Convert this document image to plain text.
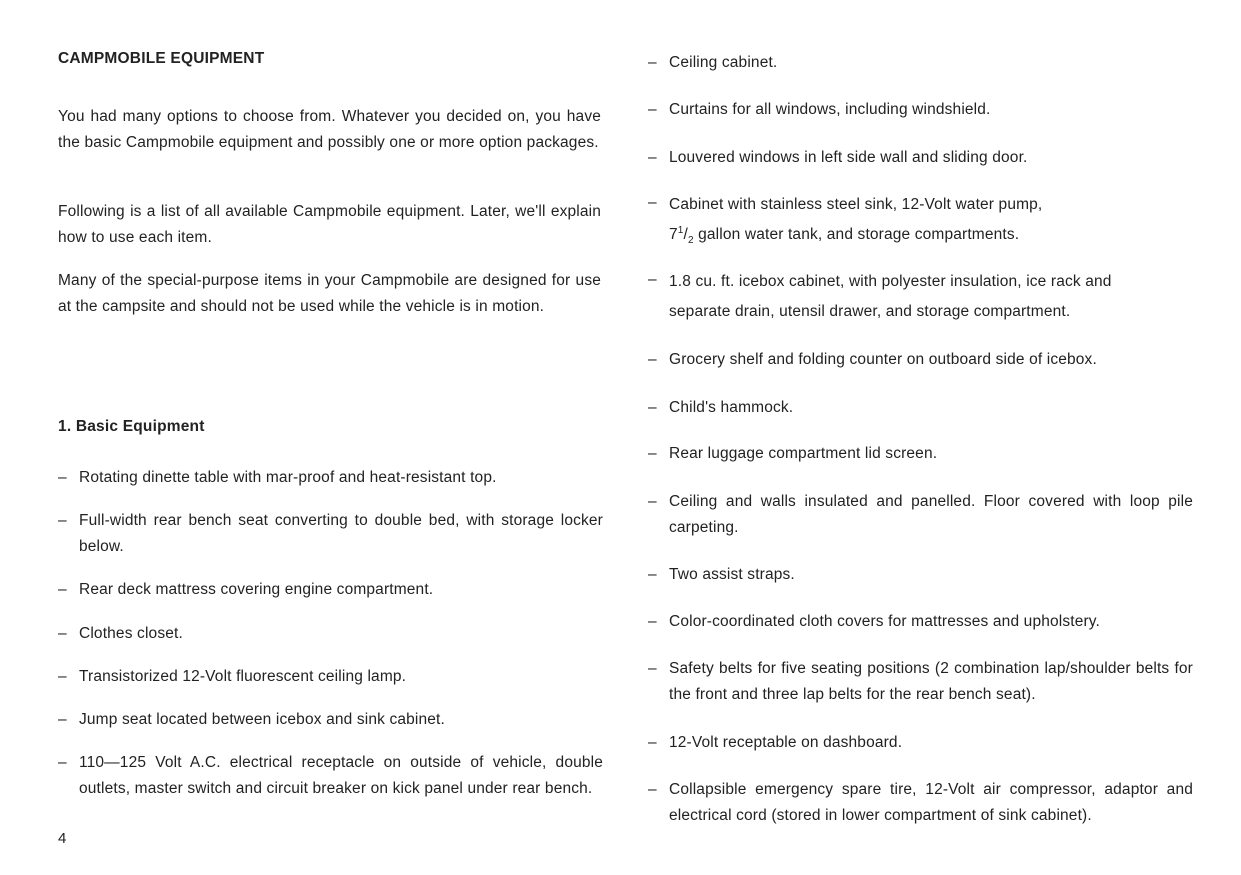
CAMPMOBILE EQUIPMENT

You had many options to choose from. Whatever you decided on, you have the basic Campmobile equipment and possibly one or more option packages.

Following is a list of all available Campmobile equipment. Later, we'll explain how to use each item.

Many of the special-purpose items in your Campmobile are designed for use at the campsite and should not be used while the vehicle is in motion.

1. Basic Equipment
– Rotating dinette table with mar-proof and heat-resistant top.
– Full-width rear bench seat converting to double bed, with storage locker below.
– Rear deck mattress covering engine compartment.
– Clothes closet.
– Transistorized 12-Volt fluorescent ceiling lamp.
– Jump seat located between icebox and sink cabinet.
– 110—125 Volt A.C. electrical receptacle on outside of vehicle, double outlets, master switch and circuit breaker on kick panel under rear bench.
4
– Ceiling cabinet.
– Curtains for all windows, including windshield.
– Louvered windows in left side wall and sliding door.
– Cabinet with stainless steel sink, 12-Volt water pump,
$7^1/_2$ gallon water tank, and storage compartments.
– 1.8 cu. ft. icebox cabinet, with polyester insulation, ice rack and
separate drain, utensil drawer, and storage compartment.
– Grocery shelf and folding counter on outboard side of icebox.
– Child's hammock.
– Rear luggage compartment lid screen.
– Ceiling and walls insulated and panelled. Floor covered with loop pile carpeting.
– Two assist straps.
– Color-coordinated cloth covers for mattresses and upholstery.
– Safety belts for five seating positions (2 combination lap/shoulder belts for the front and three lap belts for the rear bench seat).
– 12-Volt receptable on dashboard.
– Collapsible emergency spare tire, 12-Volt air compressor, adaptor and electrical cord (stored in lower compartment of sink cabinet).
